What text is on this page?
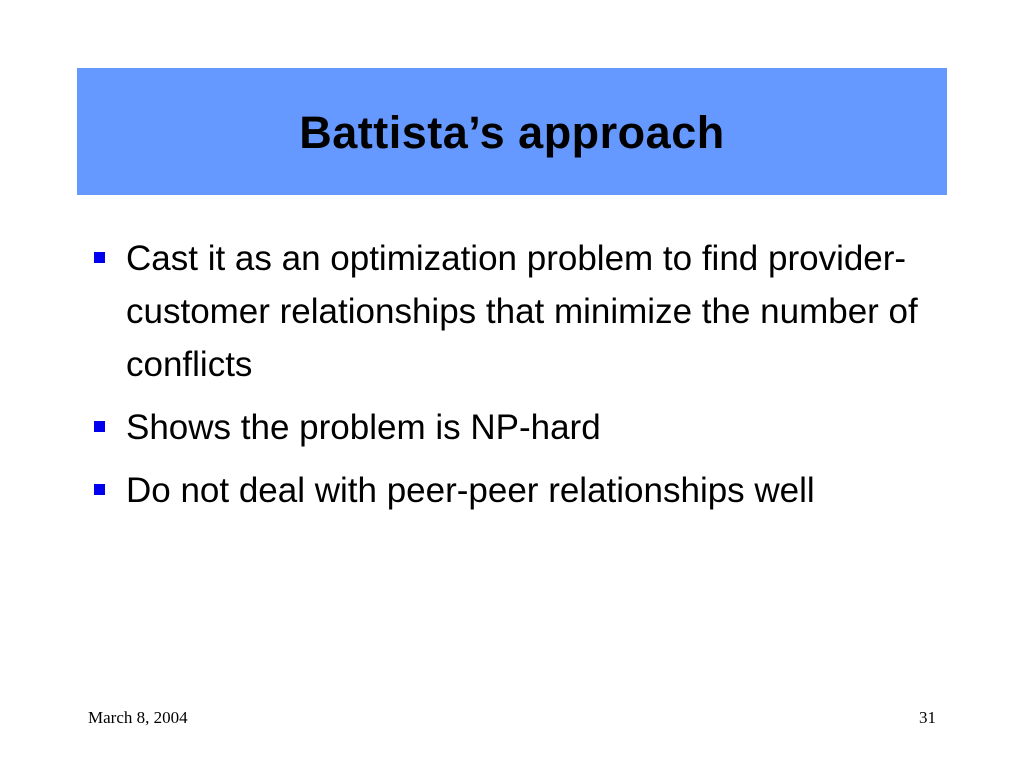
Battista’s approach
Cast it as an optimization problem to find provider-customer relationships that minimize the number of conflicts
Shows the problem is NP-hard
Do not deal with peer-peer relationships well
March 8, 2004	31
